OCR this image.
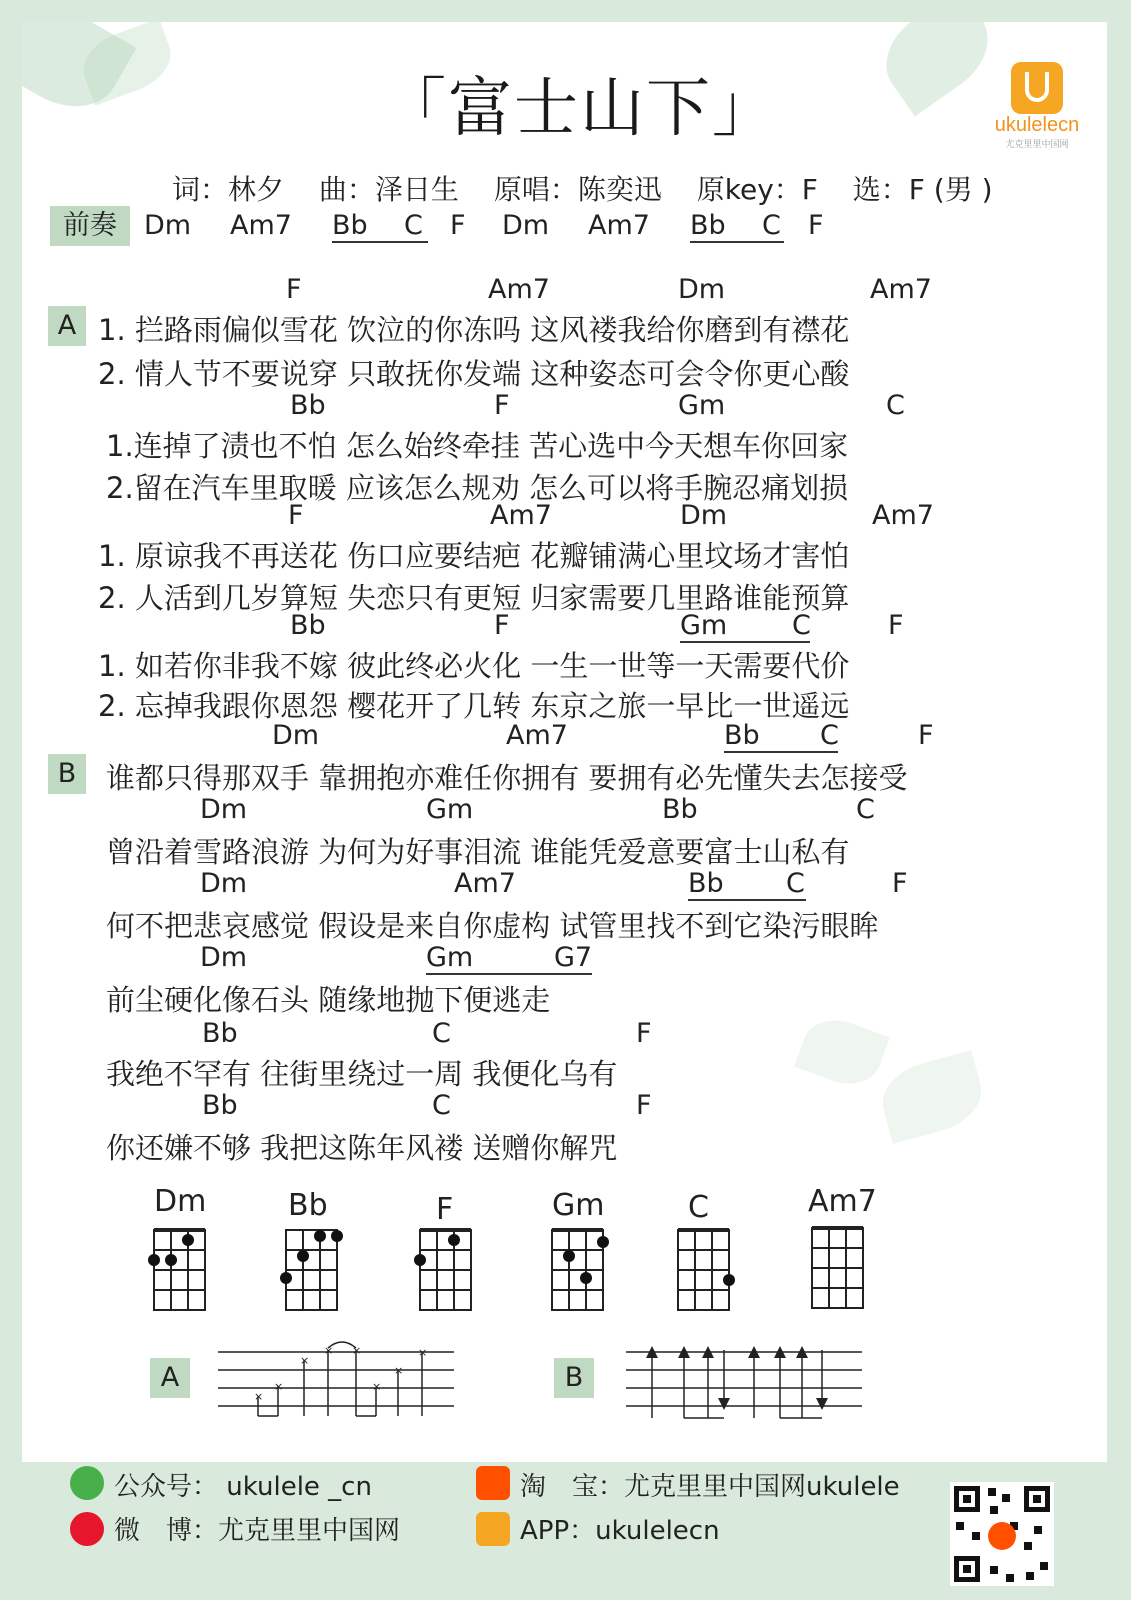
「富士山下」
词：林夕 曲：泽日生 原唱：陈奕迅 原key：F 选：F (男 )
ukulelecn
尤克里里中国网
前奏	Dm Am7 Bb	C F Dm Am7 Bb	C F
A
F	Am7	Dm	Am7
1. 拦路雨偏似雪花 饮泣的你冻吗 这风褛我给你磨到有襟花
2. 情人节不要说穿 只敢抚你发端 这种姿态可会令你更心酸
Bb	F	Gm	C
1.连掉了渍也不怕 怎么始终牵挂 苦心选中今天想车你回家
2.留在汽车里取暖 应该怎么规劝 怎么可以将手腕忍痛划损
F	Am7	Dm	Am7
1. 原谅我不再送花 伤口应要结疤 花瓣铺满心里坟场才害怕
2. 人活到几岁算短 失恋只有更短 归家需要几里路谁能预算
Bb	F	Gm	C	F
1. 如若你非我不嫁 彼此终必火化 一生一世等一天需要代价
2. 忘掉我跟你恩怨 樱花开了几转 东京之旅一早比一世遥远
B
Dm	Am7	Bb	C	F
谁都只得那双手 靠拥抱亦难任你拥有 要拥有必先懂失去怎接受
Dm	Gm	Bb	C
曾沿着雪路浪游 为何为好事泪流 谁能凭爱意要富士山私有
Dm	Am7	Bb	C	F
何不把悲哀感觉 假设是来自你虚构 试管里找不到它染污眼眸
Dm	Gm	G7
前尘硬化像石头 随缘地抛下便逃走
Bb	C	F
我绝不罕有 往街里绕过一周 我便化乌有
Bb	C	F
你还嫌不够 我把这陈年风褛 送赠你解咒
Dm	Bb	F	Gm	C	Am7
A
×
×
×
× ×
×
×
×
B
公众号： ukulele _cn
微　博：尤克里里中国网
淘　宝：尤克里里中国网ukulele
APP：ukulelecn
